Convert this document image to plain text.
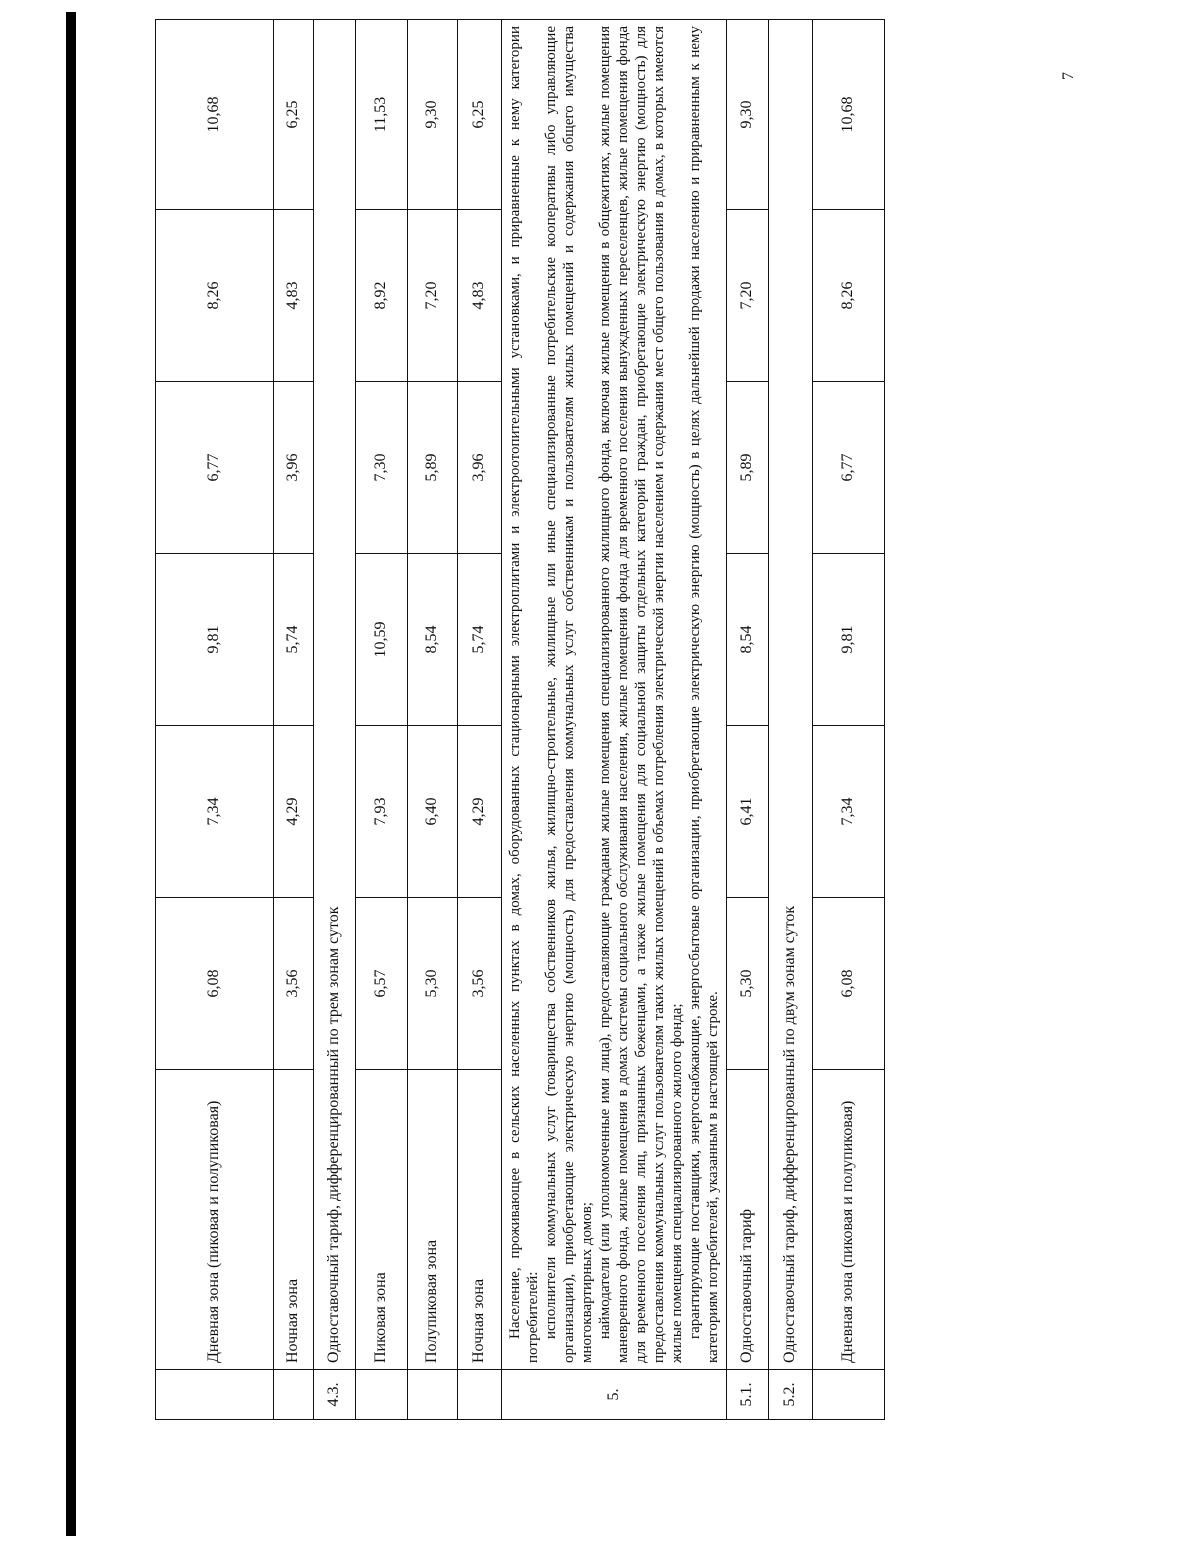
7
	Дневная зона (пиковая и полупиковая)	6,08	7,34	9,81	6,77	8,26	10,68
	Ночная зона	3,56	4,29	5,74	3,96	4,83	6,25
4.3.	Одноставочный тариф, дифференцированный по трем зонам суток						
	Пиковая зона	6,57	7,93	10,59	7,30	8,92	11,53
	Полупиковая зона	5,30	6,40	8,54	5,89	7,20	9,30
	Ночная зона	3,56	4,29	5,74	3,96	4,83	6,25
5.	Население, проживающее в сельских населенных пунктах в домах, оборудованных стационарными электроплитами и электроотопительными установками, и приравненные к нему категории потребителей: исполнители коммунальных услуг (товарищества собственников жилья, жилищно-строительные, жилищные или иные специализированные потребительские кооперативы либо управляющие организации), приобретающие электрическую энергию (мощность) для предоставления коммунальных услуг собственникам и пользователям жилых помещений и содержания общего имущества многоквартирных домов; наймодатели (или уполномоченные ими лица), предоставляющие гражданам жилые помещения специализированного жилищного фонда, включая жилые помещения в общежитиях, жилые помещения маневренного фонда, жилые помещения в домах системы социального обслуживания населения, жилые помещения фонда для временного поселения вынужденных переселенцев, жилые помещения фонда для временного поселения лиц, признанных беженцами, а также жилые помещения для социальной защиты отдельных категорий граждан, приобретающие электрическую энергию (мощность) для предоставления коммунальных услуг пользователям таких жилых помещений в объемах потребления электрической энергии населением и содержания мест общего пользования в домах, в которых имеются жилые помещения специализированного жилого фонда; гарантирующие поставщики, энергоснабжающие, энергосбытовые организации, приобретающие электрическую энергию (мощность) в целях дальнейшей продажи населению и приравненным к нему категориям потребителей, указанным в настоящей строке.						

5.1.	Одноставочный тариф	5,30	6,41	8,54	5,89	7,20	9,30
5.2.	Одноставочный тариф, дифференцированный по двум зонам суток						
	Дневная зона (пиковая и полупиковая)	6,08	7,34	9,81	6,77	8,26	10,68
